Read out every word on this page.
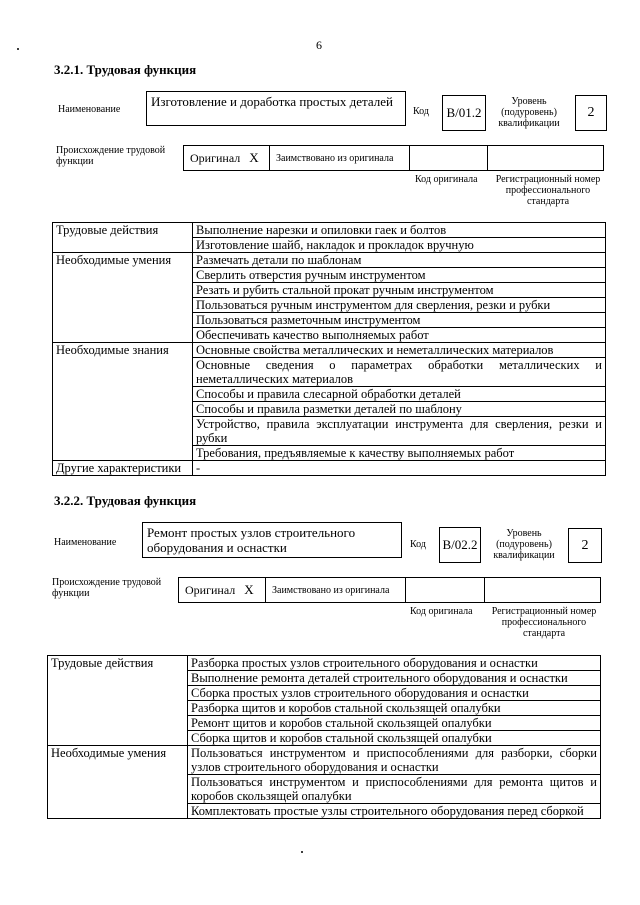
6
3.2.1. Трудовая функция
Наименование
Изготовление и доработка простых деталей
Код	В/01.2
Уровень (подуровень) квалификации
2
Происхождение трудовой функции	Оригинал X	Заимствовано из оригинала
Код оригинала	Регистрационный номер профессионального стандарта
Трудовые действия	Выполнение нарезки и опиловки гаек и болтов
	Изготовление шайб, накладок и прокладок вручную
Необходимые умения	Размечать детали по шаблонам
	Сверлить отверстия ручным инструментом
	Резать и рубить стальной прокат ручным инструментом
	Пользоваться ручным инструментом для сверления, резки и рубки
	Пользоваться разметочным инструментом
	Обеспечивать качество выполняемых работ
Необходимые знания	Основные свойства металлических и неметаллических материалов
	Основные сведения о параметрах обработки металлических и неметаллических материалов
	Способы и правила слесарной обработки деталей
	Способы и правила разметки деталей по шаблону
	Устройство, правила эксплуатации инструмента для сверления, резки и рубки
	Требования, предъявляемые к качеству выполняемых работ
Другие характеристики	-
3.2.2. Трудовая функция
Наименование
Ремонт простых узлов строительного оборудования и оснастки	Код В/02.2
Уровень (подуровень) квалификации
2
Происхождение трудовой функции	Оригинал X	Заимствовано из оригинала
Код оригинала	Регистрационный номер профессионального стандарта
Трудовые действия	Разборка простых узлов строительного оборудования и оснастки
	Выполнение ремонта деталей строительного оборудования и оснастки
	Сборка простых узлов строительного оборудования и оснастки
	Разборка щитов и коробов стальной скользящей опалубки
	Ремонт щитов и коробов стальной скользящей опалубки
	Сборка щитов и коробов стальной скользящей опалубки
Необходимые умения	Пользоваться инструментом и приспособлениями для разборки, сборки узлов строительного оборудования и оснастки
	Пользоваться инструментом и приспособлениями для ремонта щитов и коробов скользящей опалубки
	Комплектовать простые узлы строительного оборудования перед сборкой
